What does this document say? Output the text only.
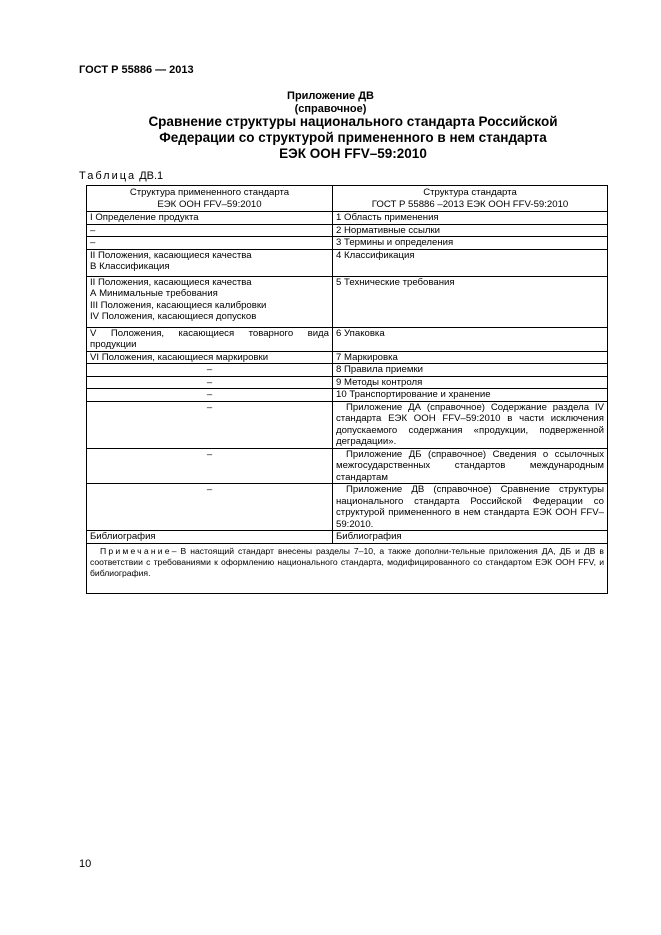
ГОСТ Р 55886 — 2013
Приложение ДВ
(справочное)
Сравнение структуры национального стандарта Российской
Федерации со структурой примененного в нем стандарта
ЕЭК ООН FFV–59:2010
Таблица ДВ.1
Структура примененного стандарта
ЕЭК ООН FFV–59:2010	Структура стандарта
ГОСТ Р 55886 –2013 ЕЭК ООН FFV-59:2010

I Определение продукта	1 Область применения
–	2 Нормативные ссылки
–	3 Термины и определения

II Положения, касающиеся качества
В Классификация	4 Классификация

II Положения, касающиеся качества
А Минимальные требования
III Положения, касающиеся калибровки
IV Положения, касающиеся допусков	5 Технические требования
V Положения, касающиеся товарного вида продукции	6 Упаковка
VI Положения, касающиеся маркировки	7 Маркировка
–	8 Правила приемки
–	9 Методы контроля
–	10 Транспортирование и хранение
–	Приложение ДА (справочное) Содержание раздела IV стандарта ЕЭК ООН FFV–59:2010 в части исключения допускаемого содержания «продукции, подверженной деградации».
–	Приложение ДБ (справочное) Сведения о ссылочных межгосударственных стандартов международным стандартам
–	Приложение ДВ (справочное) Сравнение структуры национального стандарта Российской Федерации со структурой примененного в нем стандарта ЕЭК ООН FFV–59:2010.
Библиография	Библиография
Примечание– В настоящий стандарт внесены разделы 7–10, а также дополни-тельные приложения ДА, ДБ и ДВ в соответствии с требованиями к оформлению национального стандарта, модифицированного со стандартом ЕЭК ООН FFV, и библиография.	
10
